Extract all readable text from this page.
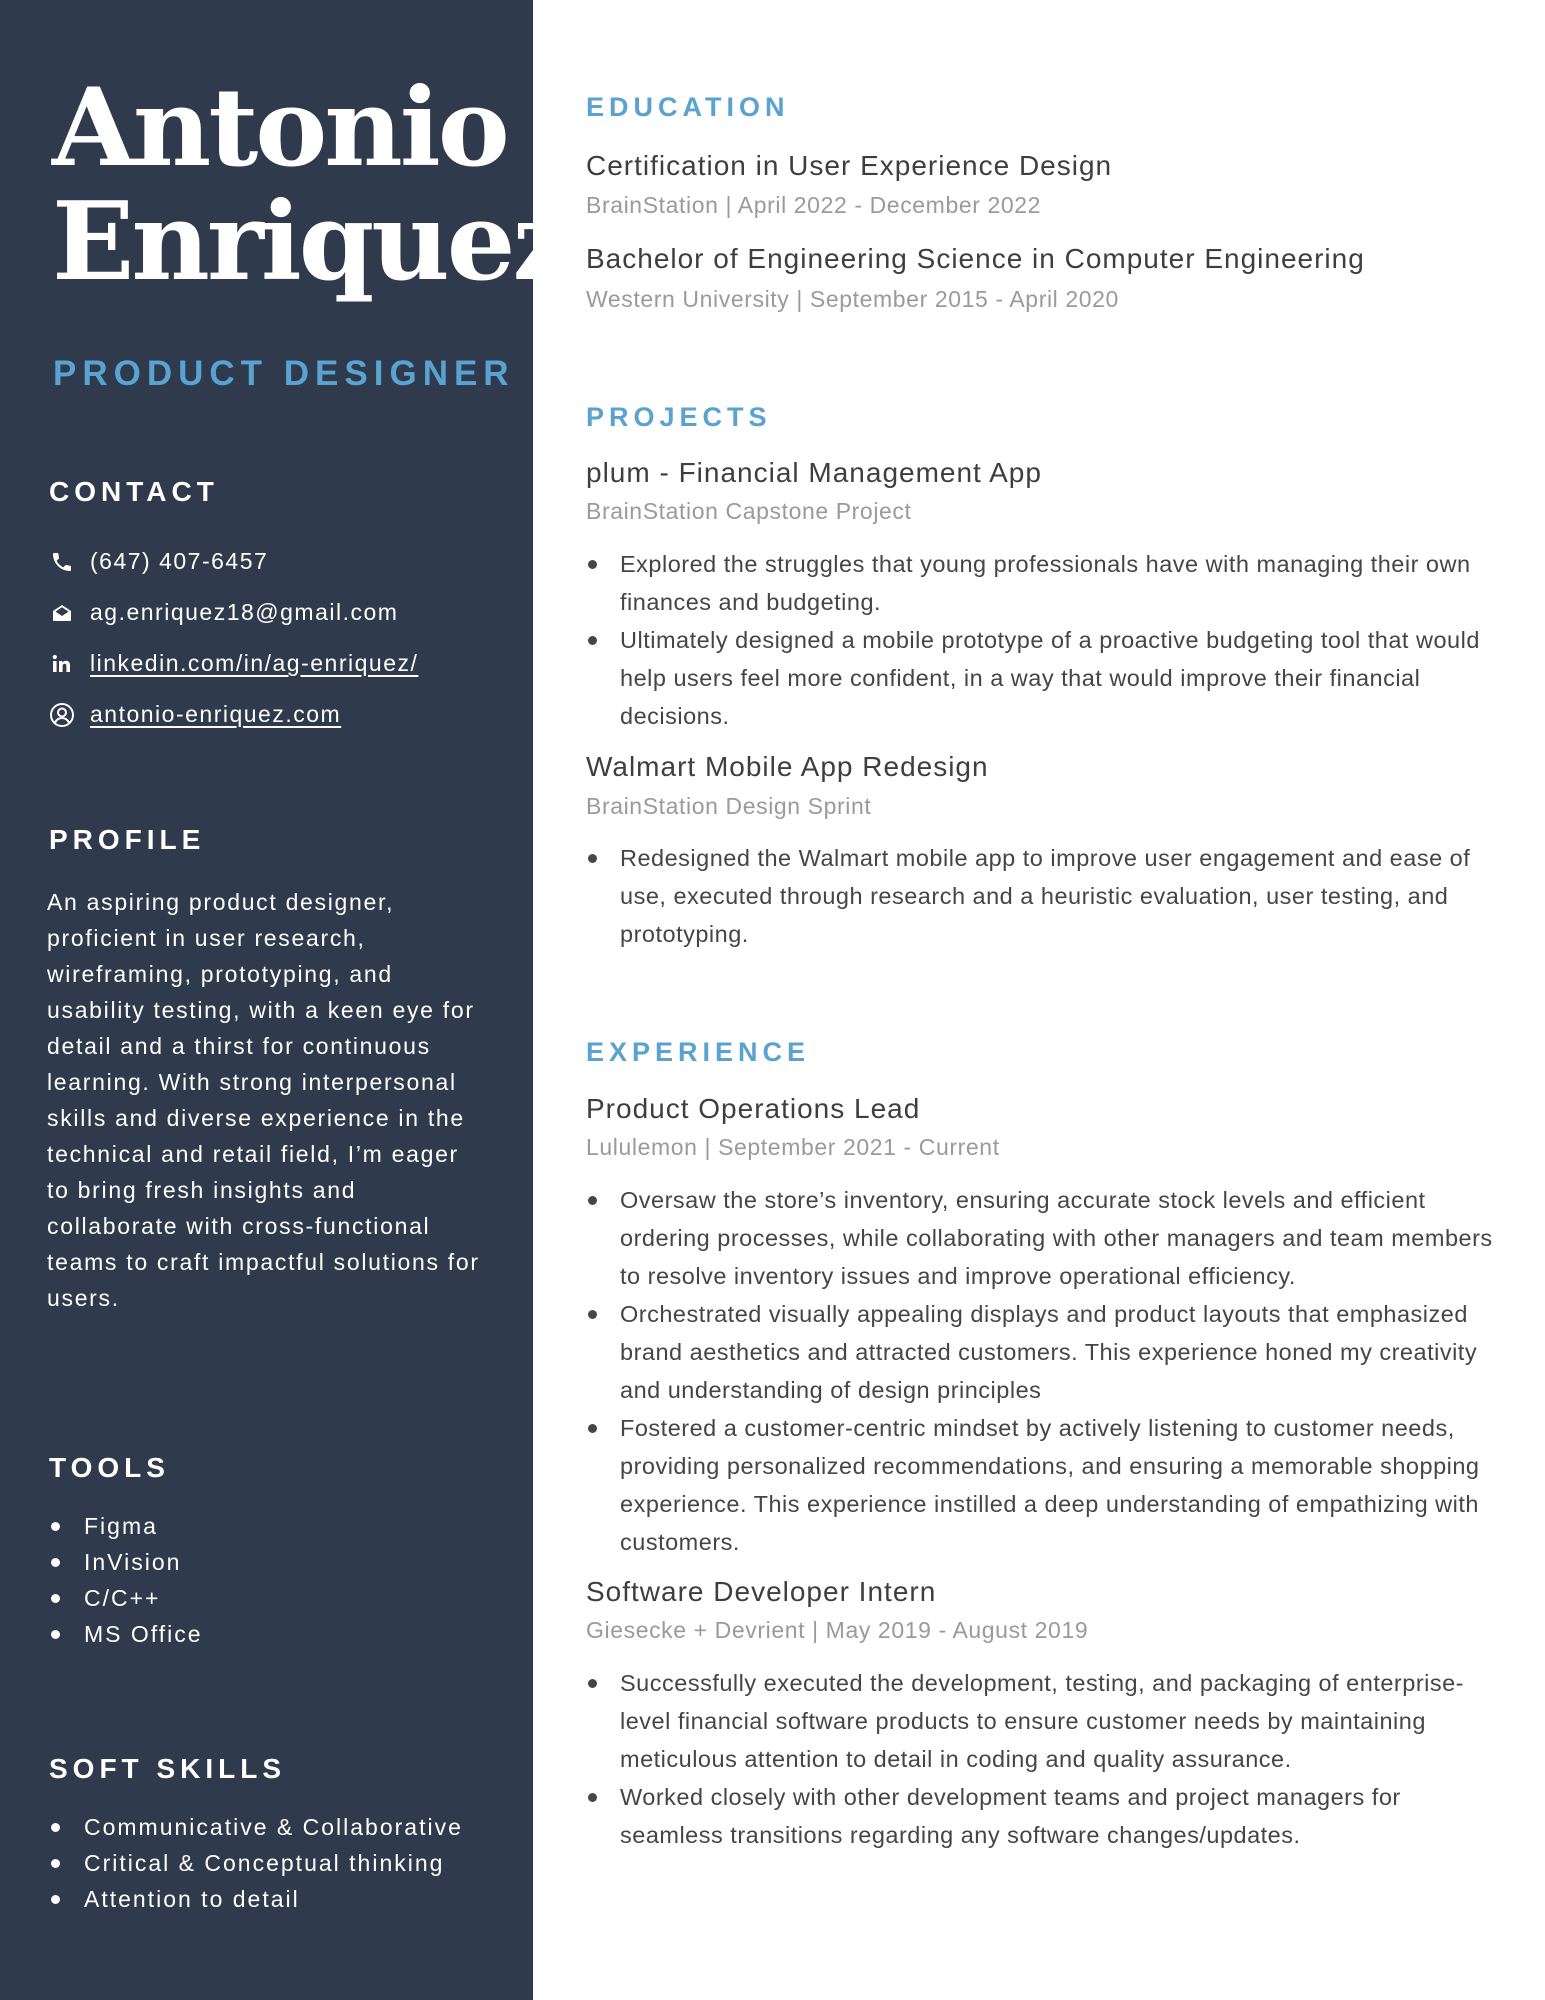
Antonio
Enriquez
PRODUCT DESIGNER
CONTACT
(647) 407-6457
ag.enriquez18@gmail.com
linkedin.com/in/ag-enriquez/
antonio-enriquez.com
PROFILE
An aspiring product designer, proficient in user research, wireframing, prototyping, and usability testing, with a keen eye for detail and a thirst for continuous learning. With strong interpersonal skills and diverse experience in the technical and retail field, I’m eager to bring fresh insights and collaborate with cross-functional teams to craft impactful solutions for users.
TOOLS
Figma
InVision
C/C++
MS Office
SOFT SKILLS
Communicative & Collaborative
Critical & Conceptual thinking
Attention to detail
EDUCATION
Certification in User Experience Design
BrainStation | April 2022 - December 2022
Bachelor of Engineering Science in Computer Engineering
Western University | September 2015 - April 2020
PROJECTS
plum - Financial Management App
BrainStation Capstone Project
Explored the struggles that young professionals have with managing their own finances and budgeting.
Ultimately designed a mobile prototype of a proactive budgeting tool that would help users feel more confident, in a way that would improve their financial decisions.
Walmart Mobile App Redesign
BrainStation Design Sprint
Redesigned the Walmart mobile app to improve user engagement and ease of use, executed through research and a heuristic evaluation, user testing, and prototyping.
EXPERIENCE
Product Operations Lead
Lululemon | September 2021 - Current
Oversaw the store’s inventory, ensuring accurate stock levels and efficient ordering processes, while collaborating with other managers and team members to resolve inventory issues and improve operational efficiency.
Orchestrated visually appealing displays and product layouts that emphasized brand aesthetics and attracted customers. This experience honed my creativity and understanding of design principles
Fostered a customer-centric mindset by actively listening to customer needs, providing personalized recommendations, and ensuring a memorable shopping experience. This experience instilled a deep understanding of empathizing with customers.
Software Developer Intern
Giesecke + Devrient | May 2019 - August 2019
Successfully executed the development, testing, and packaging of enterprise-level financial software products to ensure customer needs by maintaining meticulous attention to detail in coding and quality assurance.
Worked closely with other development teams and project managers for seamless transitions regarding any software changes/updates.
